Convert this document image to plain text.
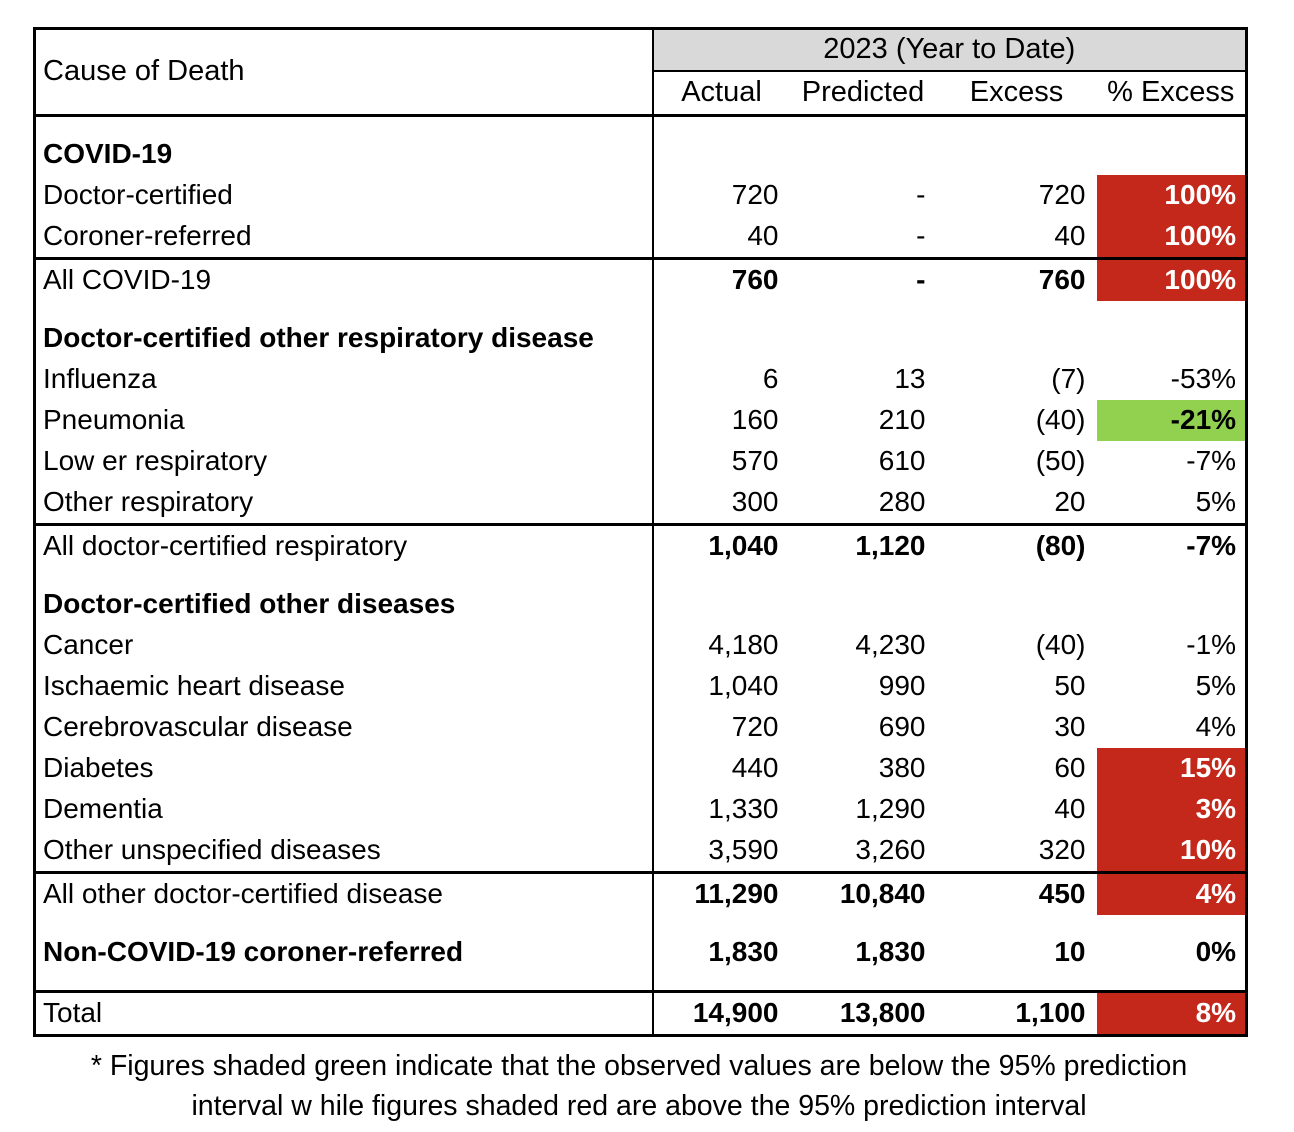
Cause of Death	2023 (Year to Date)			
	Actual	Predicted	Excess	% Excess

COVID-19				
Doctor-certified	720	-	720	100%
Coroner-referred	40	-	40	100%
All COVID-19	760	-	760	100%

Doctor-certified other respiratory disease				
Influenza	6	13	(7)	-53%
Pneumonia	160	210	(40)	-21%
Low er respiratory	570	610	(50)	-7%
Other respiratory	300	280	20	5%
All doctor-certified respiratory	1,040	1,120	(80)	-7%

Doctor-certified other diseases				
Cancer	4,180	4,230	(40)	-1%
Ischaemic heart disease	1,040	990	50	5%
Cerebrovascular disease	720	690	30	4%
Diabetes	440	380	60	15%
Dementia	1,330	1,290	40	3%
Other unspecified diseases	3,590	3,260	320	10%
All other doctor-certified disease	11,290	10,840	450	4%

Non-COVID-19 coroner-referred	1,830	1,830	10	0%

Total	14,900	13,800	1,100	8%
* Figures shaded green indicate that the observed values are below the 95% prediction
interval w hile figures shaded red are above the 95% prediction interval
